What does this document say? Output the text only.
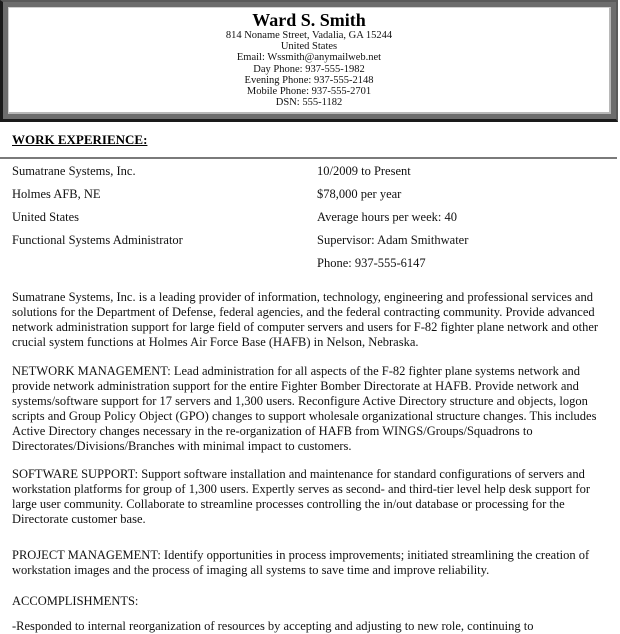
Ward S. Smith
814 Noname Street, Vadalia, GA 15244
United States
Email: Wssmith@anymailweb.net
Day Phone: 937-555-1982
Evening Phone: 937-555-2148
Mobile Phone: 937-555-2701
DSN: 555-1182
WORK EXPERIENCE:
Sumatrane Systems, Inc.	10/2009 to Present
Holmes AFB, NE	$78,000 per year
United States	Average hours per week: 40
Functional Systems Administrator	Supervisor: Adam Smithwater
Phone: 937-555-6147

Sumatrane Systems, Inc. is a leading provider of information, technology, engineering and professional services and solutions for the Department of Defense, federal agencies, and the federal contracting community. Provide advanced network administration support for large field of computer servers and users for F-82 fighter plane network and other crucial system functions at Holmes Air Force Base (HAFB) in Nelson, Nebraska.

NETWORK MANAGEMENT: Lead administration for all aspects of the F-82 fighter plane systems network and provide network administration support for the entire Fighter Bomber Directorate at HAFB. Provide network and systems/software support for 17 servers and 1,300 users. Reconfigure Active Directory structure and objects, logon scripts and Group Policy Object (GPO) changes to support wholesale organizational structure changes. This includes Active Directory changes necessary in the re-organization of HAFB from WINGS/Groups/Squadrons to Directorates/Divisions/Branches with minimal impact to customers.

SOFTWARE SUPPORT: Support software installation and maintenance for standard configurations of servers and workstation platforms for group of 1,300 users. Expertly serves as second- and third-tier level help desk support for large user community. Collaborate to streamline processes controlling the in/out database or processing for the Directorate customer base.

PROJECT MANAGEMENT: Identify opportunities in process improvements; initiated streamlining the creation of workstation images and the process of imaging all systems to save time and improve reliability.

ACCOMPLISHMENTS:

-Responded to internal reorganization of resources by accepting and adjusting to new role, continuing to
